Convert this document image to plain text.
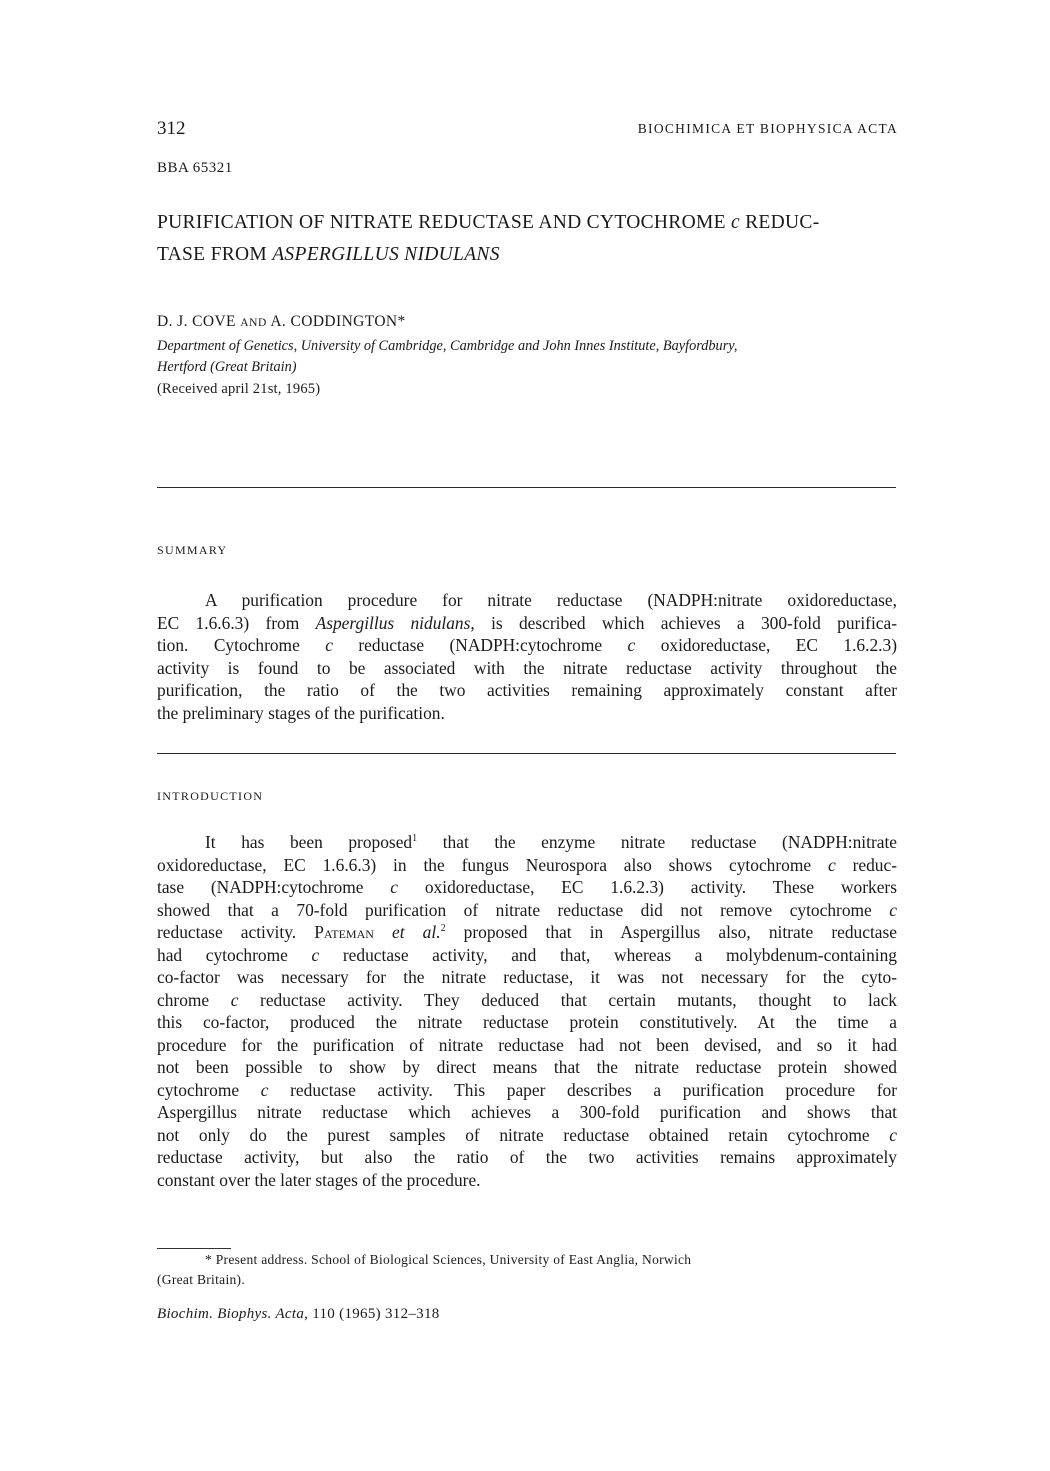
312	BIOCHIMICA ET BIOPHYSICA ACTA
BBA 65321
PURIFICATION OF NITRATE REDUCTASE AND CYTOCHROME c REDUC-
TASE FROM ASPERGILLUS NIDULANS
D. J. COVE AND A. CODDINGTON*
Department of Genetics, University of Cambridge, Cambridge and John Innes Institute, Bayfordbury,
Hertford (Great Britain)
(Received april 21st, 1965)
SUMMARY
A purification procedure for nitrate reductase (NADPH:nitrate oxidoreductase,
EC 1.6.6.3) from Aspergillus nidulans, is described which achieves a 300-fold purifica-
tion. Cytochrome c reductase (NADPH:cytochrome c oxidoreductase, EC 1.6.2.3)
activity is found to be associated with the nitrate reductase activity throughout the
purification, the ratio of the two activities remaining approximately constant after
the preliminary stages of the purification.
INTRODUCTION
It has been proposed$^1$ that the enzyme nitrate reductase (NADPH:nitrate
oxidoreductase, EC 1.6.6.3) in the fungus Neurospora also shows cytochrome c reduc-
tase (NADPH:cytochrome c oxidoreductase, EC 1.6.2.3) activity. These workers
showed that a 70-fold purification of nitrate reductase did not remove cytochrome c
reductase activity. Pateman et al.$^2$ proposed that in Aspergillus also, nitrate reductase
had cytochrome c reductase activity, and that, whereas a molybdenum-containing
co-factor was necessary for the nitrate reductase, it was not necessary for the cyto-
chrome c reductase activity. They deduced that certain mutants, thought to lack
this co-factor, produced the nitrate reductase protein constitutively. At the time a
procedure for the purification of nitrate reductase had not been devised, and so it had
not been possible to show by direct means that the nitrate reductase protein showed
cytochrome c reductase activity. This paper describes a purification procedure for
Aspergillus nitrate reductase which achieves a 300-fold purification and shows that
not only do the purest samples of nitrate reductase obtained retain cytochrome c
reductase activity, but also the ratio of the two activities remains approximately
constant over the later stages of the procedure.
* Present address. School of Biological Sciences, University of East Anglia, Norwich
(Great Britain).
Biochim. Biophys. Acta, 110 (1965) 312–318
